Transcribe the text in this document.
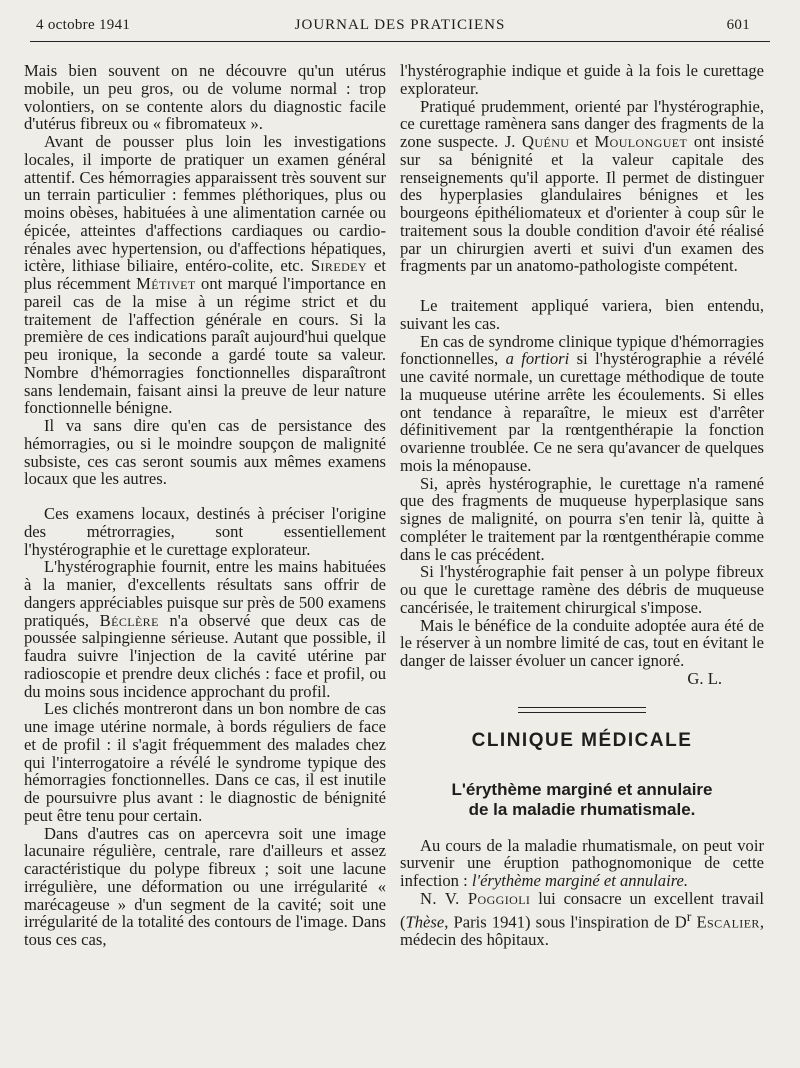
4 octobre 1941	JOURNAL DES PRATICIENS	601

Mais bien souvent on ne découvre qu'un utérus mobile, un peu gros, ou de volume normal : trop volontiers, on se contente alors du diagnostic facile d'utérus fibreux ou « fibromateux ».

Avant de pousser plus loin les investigations locales, il importe de pratiquer un examen général attentif. Ces hémorragies apparaissent très souvent sur un terrain particulier : femmes pléthoriques, plus ou moins obèses, habituées à une alimentation carnée ou épicée, atteintes d'affections cardiaques ou cardio-rénales avec hypertension, ou d'affections hépatiques, ictère, lithiase biliaire, entéro-colite, etc. Siredey et plus récemment Métivet ont marqué l'importance en pareil cas de la mise à un régime strict et du traitement de l'affection générale en cours. Si la première de ces indications paraît aujourd'hui quelque peu ironique, la seconde a gardé toute sa valeur. Nombre d'hémorragies fonctionnelles disparaîtront sans lendemain, faisant ainsi la preuve de leur nature fonctionnelle bénigne.

Il va sans dire qu'en cas de persistance des hémorragies, ou si le moindre soupçon de malignité subsiste, ces cas seront soumis aux mêmes examens locaux que les autres.

Ces examens locaux, destinés à préciser l'origine des métrorragies, sont essentiellement l'hystérographie et le curettage explorateur.

L'hystérographie fournit, entre les mains habituées à la manier, d'excellents résultats sans offrir de dangers appréciables puisque sur près de 500 examens pratiqués, Béclère n'a observé que deux cas de poussée salpingienne sérieuse. Autant que possible, il faudra suivre l'injection de la cavité utérine par radioscopie et prendre deux clichés : face et profil, ou du moins sous incidence approchant du profil.

Les clichés montreront dans un bon nombre de cas une image utérine normale, à bords réguliers de face et de profil : il s'agit fréquemment des malades chez qui l'interrogatoire a révélé le syndrome typique des hémorragies fonctionnelles. Dans ce cas, il est inutile de poursuivre plus avant : le diagnostic de bénignité peut être tenu pour certain.

Dans d'autres cas on apercevra soit une image lacunaire régulière, centrale, rare d'ailleurs et assez caractéristique du polype fibreux ; soit une lacune irrégulière, une déformation ou une irrégularité « marécageuse » d'un segment de la cavité; soit une irrégularité de la totalité des contours de l'image. Dans tous ces cas,

l'hystérographie indique et guide à la fois le curettage explorateur.

Pratiqué prudemment, orienté par l'hystérographie, ce curettage ramènera sans danger des fragments de la zone suspecte. J. Quénu et Moulonguet ont insisté sur sa bénignité et la valeur capitale des renseignements qu'il apporte. Il permet de distinguer des hyperplasies glandulaires bénignes et les bourgeons épithéliomateux et d'orienter à coup sûr le traitement sous la double condition d'avoir été réalisé par un chirurgien averti et suivi d'un examen des fragments par un anatomo-pathologiste compétent.

Le traitement appliqué variera, bien entendu, suivant les cas.

En cas de syndrome clinique typique d'hémorragies fonctionnelles, a fortiori si l'hystérographie a révélé une cavité normale, un curettage méthodique de toute la muqueuse utérine arrête les écoulements. Si elles ont tendance à reparaître, le mieux est d'arrêter définitivement par la rœntgenthérapie la fonction ovarienne troublée. Ce ne sera qu'avancer de quelques mois la ménopause.

Si, après hystérographie, le curettage n'a ramené que des fragments de muqueuse hyperplasique sans signes de malignité, on pourra s'en tenir là, quitte à compléter le traitement par la rœntgenthérapie comme dans le cas précédent.

Si l'hystérographie fait penser à un polype fibreux ou que le curettage ramène des débris de muqueuse cancérisée, le traitement chirurgical s'impose.

Mais le bénéfice de la conduite adoptée aura été de le réserver à un nombre limité de cas, tout en évitant le danger de laisser évoluer un cancer ignoré.

G. L.

CLINIQUE MÉDICALE
L'érythème marginé et annulaire
de la maladie rhumatismale.

Au cours de la maladie rhumatismale, on peut voir survenir une éruption pathognomonique de cette infection : l'érythème marginé et annulaire.

N. V. Poggioli lui consacre un excellent travail (Thèse, Paris 1941) sous l'inspiration de $D^r$ Escalier, médecin des hôpitaux.
